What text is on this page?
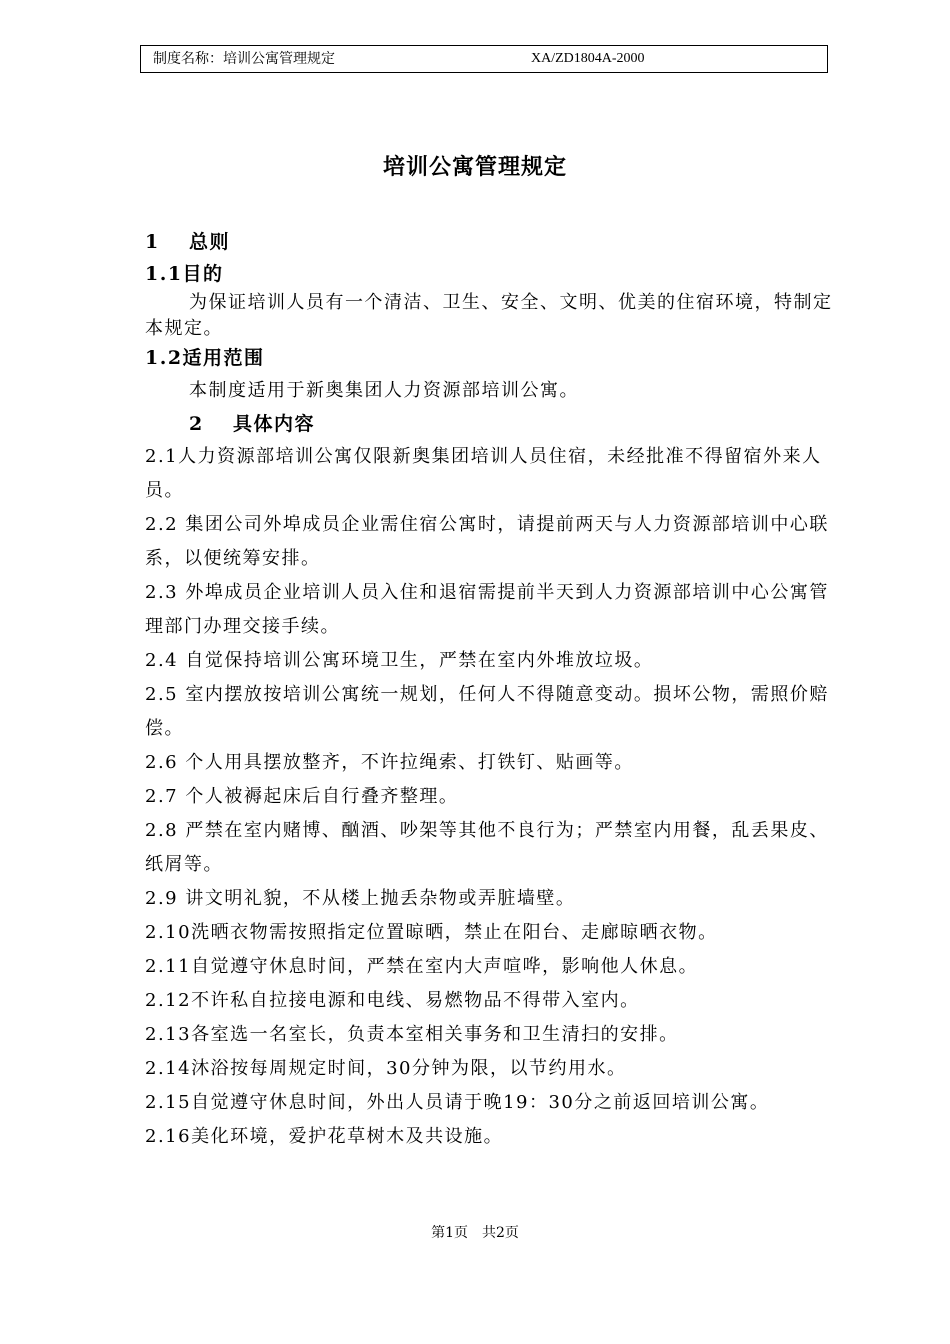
制度名称：培训公寓管理规定	XA/ZD1804A-2000
培训公寓管理规定
1 总则
1.1目的
为保证培训人员有一个清洁、卫生、安全、文明、优美的住宿环境，特制定本规定。
1.2适用范围
本制度适用于新奥集团人力资源部培训公寓。
2 具体内容
2.1人力资源部培训公寓仅限新奥集团培训人员住宿，未经批准不得留宿外来人员。
2.2 集团公司外埠成员企业需住宿公寓时，请提前两天与人力资源部培训中心联系，以便统筹安排。
2.3 外埠成员企业培训人员入住和退宿需提前半天到人力资源部培训中心公寓管理部门办理交接手续。
2.4 自觉保持培训公寓环境卫生，严禁在室内外堆放垃圾。
2.5 室内摆放按培训公寓统一规划，任何人不得随意变动。损坏公物，需照价赔偿。
2.6 个人用具摆放整齐，不许拉绳索、打铁钉、贴画等。
2.7 个人被褥起床后自行叠齐整理。
2.8 严禁在室内赌博、酗酒、吵架等其他不良行为；严禁室内用餐，乱丢果皮、纸屑等。
2.9 讲文明礼貌，不从楼上抛丢杂物或弄脏墙壁。
2.10洗晒衣物需按照指定位置晾晒，禁止在阳台、走廊晾晒衣物。
2.11自觉遵守休息时间，严禁在室内大声喧哗，影响他人休息。
2.12不许私自拉接电源和电线、易燃物品不得带入室内。
2.13各室选一名室长，负责本室相关事务和卫生清扫的安排。
2.14沐浴按每周规定时间，30分钟为限，以节约用水。
2.15自觉遵守休息时间，外出人员请于晚19：30分之前返回培训公寓。
2.16美化环境，爱护花草树木及共设施。
第1页　共2页
